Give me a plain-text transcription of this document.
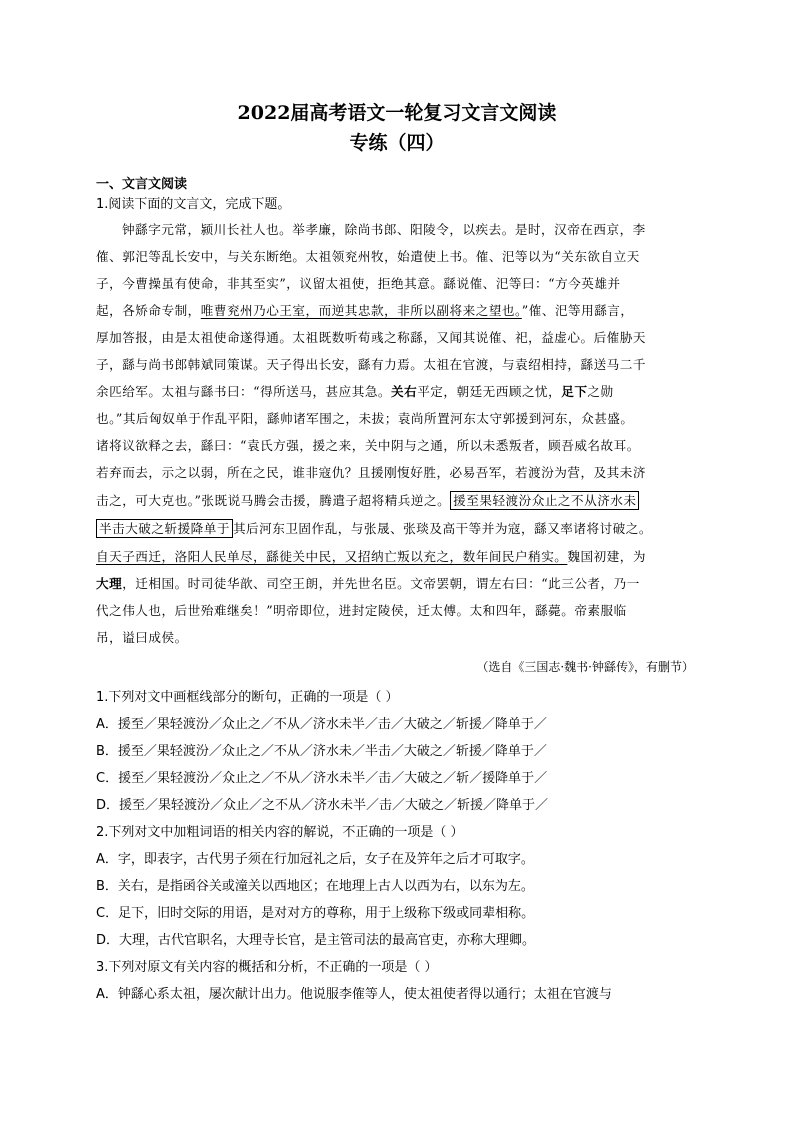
2022届高考语文一轮复习文言文阅读
专练（四）
一、文言文阅读
1.阅读下面的文言文，完成下题。
钟繇字元常，颍川长社人也。举孝廉，除尚书郎、阳陵令，以疾去。是时，汉帝在西京，李
傕、郭汜等乱长安中，与关东断绝。太祖领兖州牧，始遣使上书。傕、汜等以为“关东欲自立天
子，今曹操虽有使命，非其至实”，议留太祖使，拒绝其意。繇说傕、汜等曰：“方今英雄并
起，各矫命专制，唯曹兖州乃心王室，而逆其忠款，非所以副将来之望也。”傕、汜等用繇言，
厚加答报，由是太祖使命遂得通。太祖既数听荀彧之称繇，又闻其说傕、祀，益虚心。后傕胁天
子，繇与尚书郎韩斌同策谋。天子得出长安，繇有力焉。太祖在官渡，与袁绍相持，繇送马二千
余匹给军。太祖与繇书曰：“得所送马，甚应其急。关右平定，朝廷无西顾之忧，足下之勋
也。”其后匈奴单于作乱平阳，繇帅诸军围之，未拔；袁尚所置河东太守郭援到河东，众甚盛。
诸将议欲释之去，繇曰：“袁氏方强，援之来，关中阴与之通，所以未悉叛者，顾吾威名故耳。
若弃而去，示之以弱，所在之民，谁非寇仇？且援刚愎好胜，必易吾军，若渡汾为营，及其未济
击之，可大克也。”张既说马腾会击援，腾遣子超将精兵逆之。 援至果轻渡汾众止之不从济水未
半击大破之斩援降单于 其后河东卫固作乱，与张晟、张琰及高干等并为寇，繇又率诸将讨破之。
自天子西迁，洛阳人民单尽，繇徙关中民，又招纳亡叛以充之，数年间民户稍实。魏国初建，为
大理，迁相国。时司徒华歆、司空王朗，并先世名臣。文帝罢朝，谓左右曰：“此三公者，乃一
代之伟人也，后世殆难继矣！”明帝即位，进封定陵侯，迁太傅。太和四年，繇薨。帝素服临
吊，谥曰成侯。
（选自《三国志·魏书·钟繇传》，有删节）
1.下列对文中画框线部分的断句，正确的一项是（ ）
A．援至／果轻渡汾／众止之／不从／济水未半／击／大破之／斩援／降单于／
B．援至／果轻渡汾／众止之／不从／济水未／半击／大破之／斩援／降单于／
C．援至／果轻渡汾／众止之／不从／济水未半／击／大破之／斩／援降单于／
D．援至／果轻渡汾／众止／之不从／济水未半／击／大破之／斩援／降单于／
2.下列对文中加粗词语的相关内容的解说，不正确的一项是（ ）
A．字，即表字，古代男子须在行加冠礼之后，女子在及笄年之后才可取字。
B．关右，是指函谷关或潼关以西地区；在地理上古人以西为右，以东为左。
C．足下，旧时交际的用语，是对对方的尊称，用于上级称下级或同辈相称。
D．大理，古代官职名，大理寺长官，是主管司法的最高官吏，亦称大理卿。
3.下列对原文有关内容的概括和分析，不正确的一项是（ ）
A．钟繇心系太祖，屡次献计出力。他说服李傕等人，使太祖使者得以通行；太祖在官渡与
